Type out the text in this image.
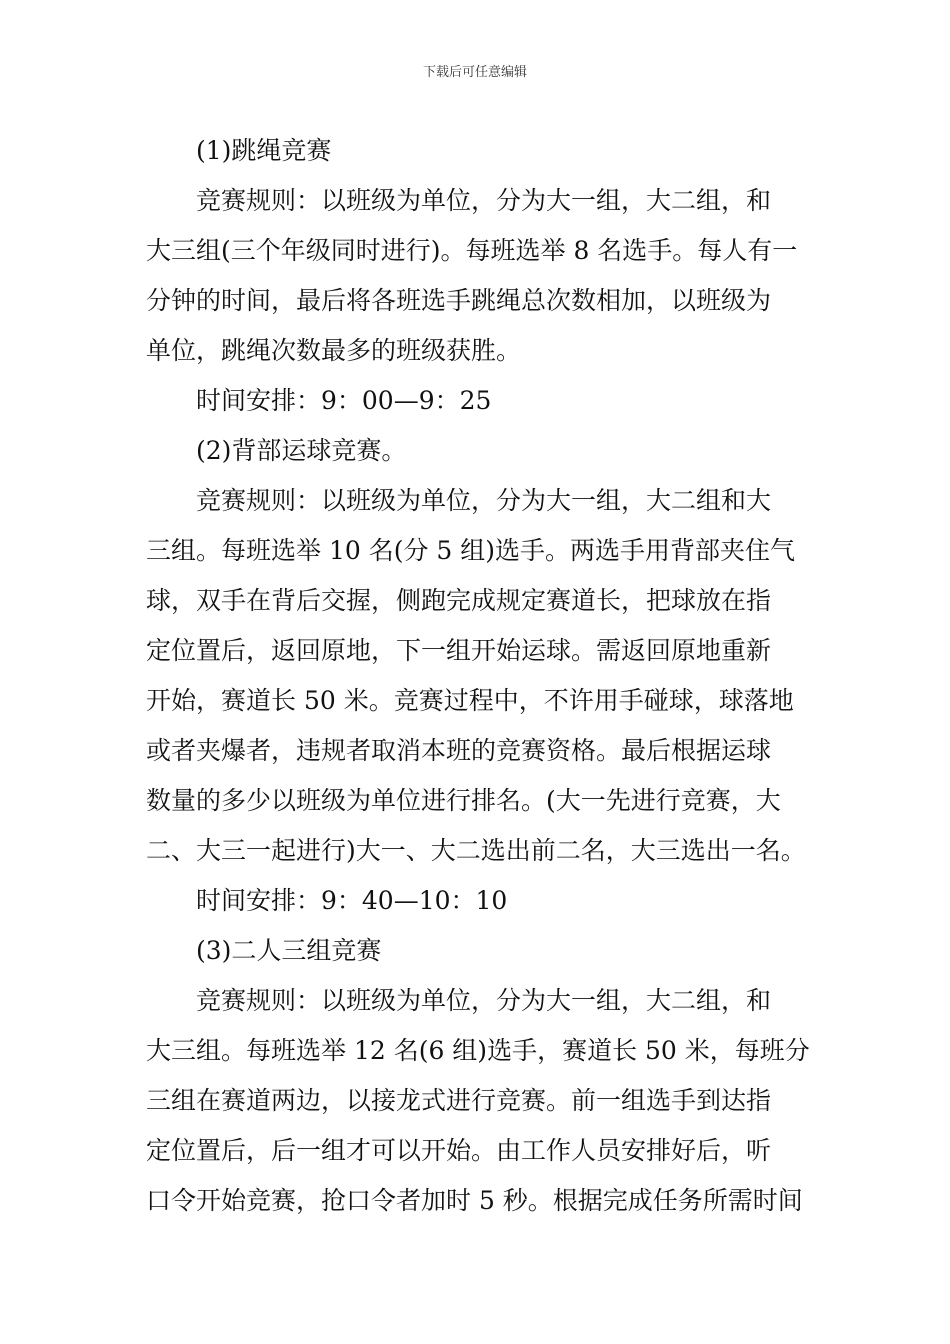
下载后可任意编辑

(1)跳绳竞赛

竞赛规则：以班级为单位，分为大一组，大二组，和

大三组(三个年级同时进行)。每班选举 8 名选手。每人有一

分钟的时间，最后将各班选手跳绳总次数相加，以班级为

单位，跳绳次数最多的班级获胜。

时间安排：9：00—9：25

(2)背部运球竞赛。

竞赛规则：以班级为单位，分为大一组，大二组和大

三组。每班选举 10 名(分 5 组)选手。两选手用背部夹住气

球，双手在背后交握，侧跑完成规定赛道长，把球放在指

定位置后，返回原地，下一组开始运球。需返回原地重新

开始，赛道长 50 米。竞赛过程中，不许用手碰球，球落地

或者夹爆者，违规者取消本班的竞赛资格。最后根据运球

数量的多少以班级为单位进行排名。(大一先进行竞赛，大

二、大三一起进行)大一、大二选出前二名，大三选出一名。

时间安排：9：40—10：10

(3)二人三组竞赛

竞赛规则：以班级为单位，分为大一组，大二组，和

大三组。每班选举 12 名(6 组)选手，赛道长 50 米，每班分

三组在赛道两边，以接龙式进行竞赛。前一组选手到达指

定位置后，后一组才可以开始。由工作人员安排好后，听

口令开始竞赛，抢口令者加时 5 秒。根据完成任务所需时间
